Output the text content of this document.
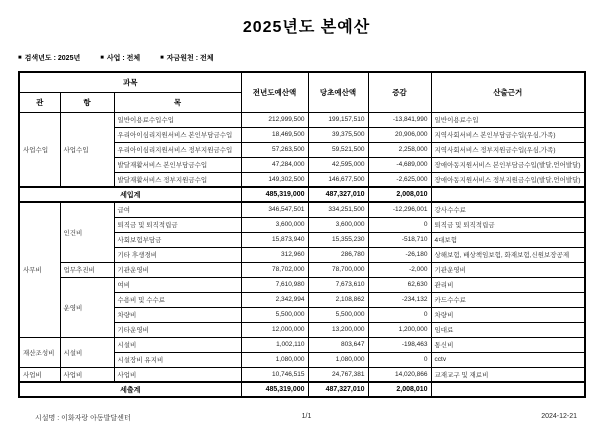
2025년도 본예산
■ 검색년도 : 2025년	■ 사업 : 전체	■ 자금원천 : 전체
과목			전년도예산액	당초예산액	증감	산출근거
관	항	목				
사업수입	사업수입	일반이용료수입수입	212,999,500	199,157,510	-13,841,990	일반이용료수입
		우리아이심리지원서비스 본인부담금수입	18,469,500	39,375,500	20,906,000	지역사회서비스 본인부담금수입(우심,가족)
		우리아이심리지원서비스 정부지원금수입	57,263,500	59,521,500	2,258,000	지역사회서비스 정부지원금수입(우심,가족)
		발달재활서비스 본인부담금수입	47,284,000	42,595,000	-4,689,000	장애아동지원서비스 본인부담금수입(발달,언어발달)
		발달재활서비스 정부지원금수입	149,302,500	146,677,500	-2,625,000	장애아동지원서비스 정부지원금수입(발달,언어발달)
세입계			485,319,000	487,327,010	2,008,010	
사무비	인건비	급여	346,547,501	334,251,500	-12,296,001	강사수수료
		퇴직금 및 퇴직적립금	3,600,000	3,600,000	0	퇴직금 및 퇴직적립금
		사회보험부담금	15,873,940	15,355,230	-518,710	4대보험
		기타 후생경비	312,960	286,780	-26,180	상해보험, 배상책임보험, 화재보험,신원보장공제
	업무추진비	기관운영비	78,702,000	78,700,000	-2,000	기관운영비
	운영비	여비	7,610,980	7,673,610	62,630	관리비
		수용비 및 수수료	2,342,994	2,108,862	-234,132	카드수수료
		차량비	5,500,000	5,500,000	0	차량비
		기타운영비	12,000,000	13,200,000	1,200,000	임대료
재산조성비	시설비	시설비	1,002,110	803,647	-198,463	통신비
		시설장비 유지비	1,080,000	1,080,000	0	cctv
사업비	사업비	사업비	10,746,515	24,767,381	14,020,866	교재교구 및 재료비
세출계			485,319,000	487,327,010	2,008,010	
시설명 : 이화자랑 아동발달센터	1/1	2024-12-21
